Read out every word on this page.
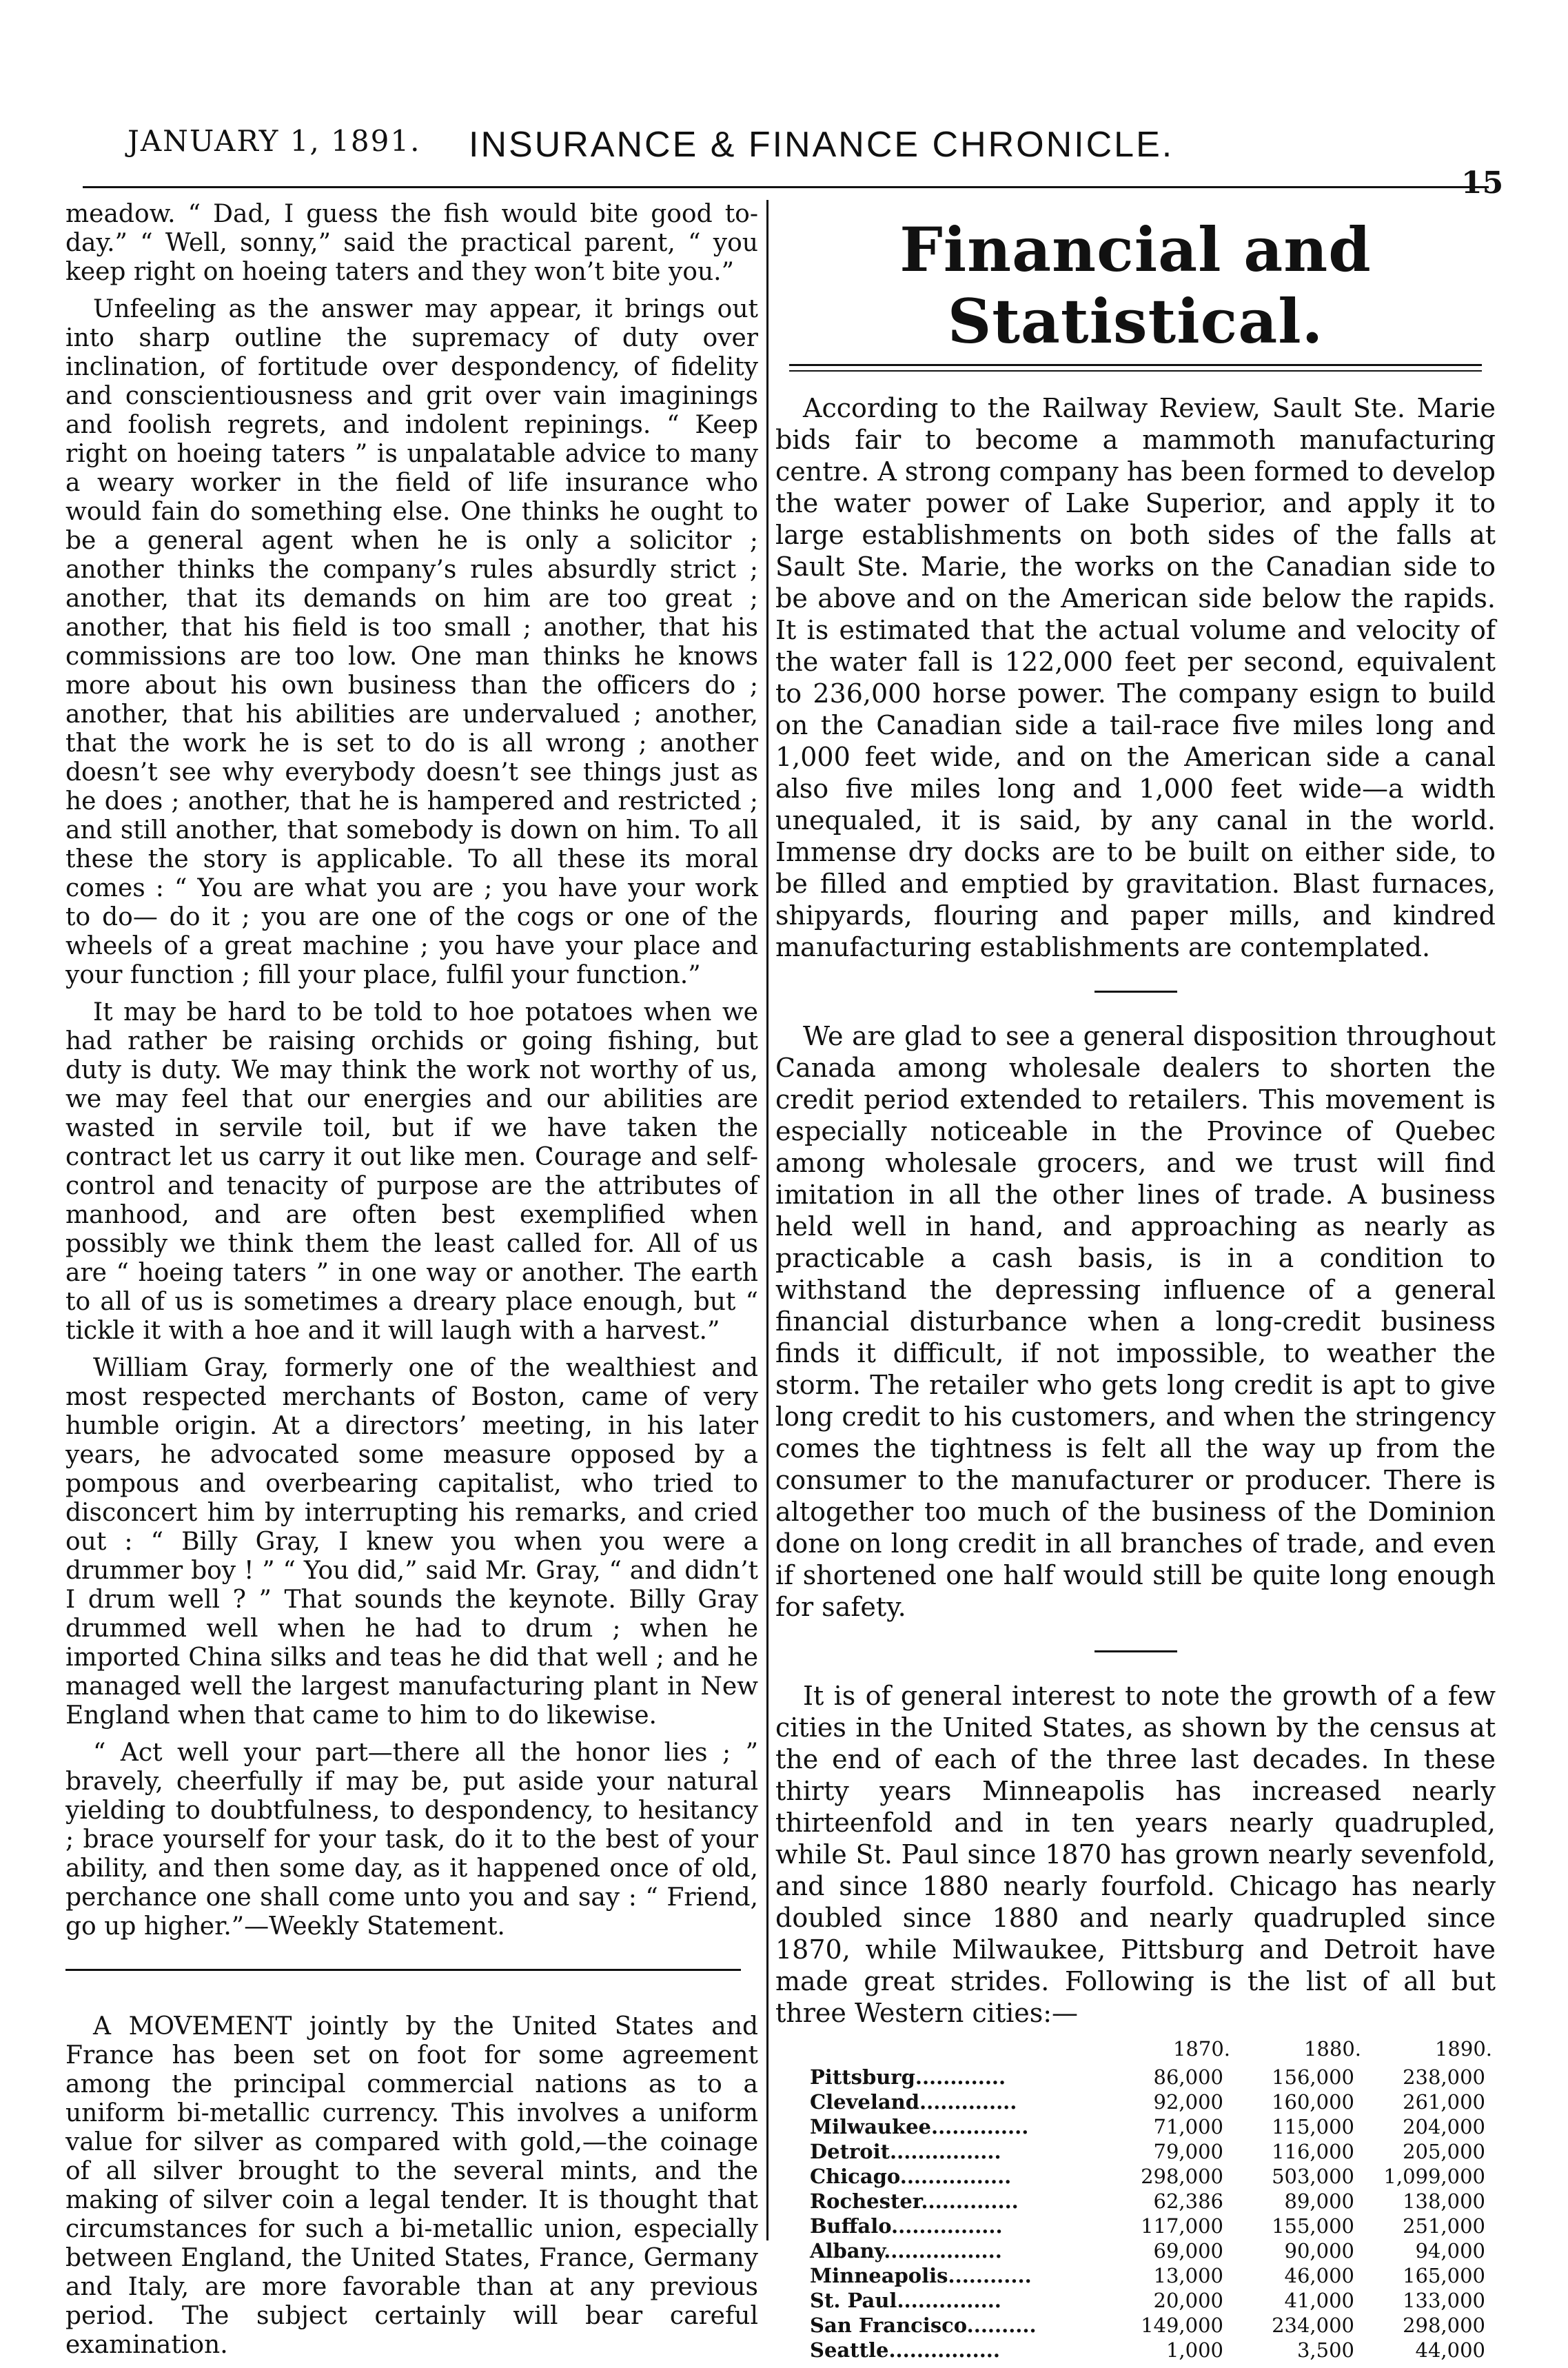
JANUARY 1, 1891. INSURANCE & FINANCE CHRONICLE.
15

meadow. “ Dad, I guess the fish would bite good to-day.” “ Well, sonny,” said the practical parent, “ you keep right on hoeing taters and they won’t bite you.”

Unfeeling as the answer may appear, it brings out into sharp outline the supremacy of duty over inclination, of fortitude over despondency, of fidelity and conscientiousness and grit over vain imaginings and foolish regrets, and indolent repinings. “ Keep right on hoeing taters ” is unpalatable advice to many a weary worker in the field of life insurance who would fain do something else. One thinks he ought to be a general agent when he is only a solicitor ; another thinks the company’s rules absurdly strict ; another, that its demands on him are too great ; another, that his field is too small ; another, that his commissions are too low. One man thinks he knows more about his own business than the officers do ; another, that his abilities are undervalued ; another, that the work he is set to do is all wrong ; another doesn’t see why everybody doesn’t see things just as he does ; another, that he is hampered and restricted ; and still another, that somebody is down on him. To all these the story is applicable. To all these its moral comes : “ You are what you are ; you have your work to do— do it ; you are one of the cogs or one of the wheels of a great machine ; you have your place and your function ; fill your place, fulfil your function.”

It may be hard to be told to hoe potatoes when we had rather be raising orchids or going fishing, but duty is duty. We may think the work not worthy of us, we may feel that our energies and our abilities are wasted in servile toil, but if we have taken the contract let us carry it out like men. Courage and self-control and tenacity of purpose are the attributes of manhood, and are often best exemplified when possibly we think them the least called for. All of us are “ hoeing taters ” in one way or another. The earth to all of us is sometimes a dreary place enough, but “ tickle it with a hoe and it will laugh with a harvest.”

William Gray, formerly one of the wealthiest and most respected merchants of Boston, came of very humble origin. At a directors’ meeting, in his later years, he advocated some measure opposed by a pompous and overbearing capitalist, who tried to disconcert him by interrupting his remarks, and cried out : “ Billy Gray, I knew you when you were a drummer boy ! ” “ You did,” said Mr. Gray, “ and didn’t I drum well ? ” That sounds the keynote. Billy Gray drummed well when he had to drum ; when he imported China silks and teas he did that well ; and he managed well the largest manufacturing plant in New England when that came to him to do likewise.

“ Act well your part—there all the honor lies ; ” bravely, cheerfully if may be, put aside your natural yielding to doubtfulness, to despondency, to hesitancy ; brace yourself for your task, do it to the best of your ability, and then some day, as it happened once of old, perchance one shall come unto you and say : “ Friend, go up higher.”—Weekly Statement.

A MOVEMENT jointly by the United States and France has been set on foot for some agreement among the principal commercial nations as to a uniform bi-metallic currency. This involves a uniform value for silver as compared with gold,—the coinage of all silver brought to the several mints, and the making of silver coin a legal tender. It is thought that circumstances for such a bi-metallic union, especially between England, the United States, France, Germany and Italy, are more favorable than at any previous period. The subject certainly will bear careful examination.

Financial and Statistical.

According to the Railway Review, Sault Ste. Marie bids fair to become a mammoth manufacturing centre. A strong company has been formed to develop the water power of Lake Superior, and apply it to large establishments on both sides of the falls at Sault Ste. Marie, the works on the Canadian side to be above and on the American side below the rapids. It is estimated that the actual volume and velocity of the water fall is 122,000 feet per second, equivalent to 236,000 horse power. The company esign to build on the Canadian side a tail-race five miles long and 1,000 feet wide, and on the American side a canal also five miles long and 1,000 feet wide—a width unequaled, it is said, by any canal in the world. Immense dry docks are to be built on either side, to be filled and emptied by gravitation. Blast furnaces, shipyards, flouring and paper mills, and kindred manufacturing establishments are contemplated.

We are glad to see a general disposition throughout Canada among wholesale dealers to shorten the credit period extended to retailers. This movement is especially noticeable in the Province of Quebec among wholesale grocers, and we trust will find imitation in all the other lines of trade. A business held well in hand, and approaching as nearly as practicable a cash basis, is in a condition to withstand the depressing influence of a general financial disturbance when a long-credit business finds it difficult, if not impossible, to weather the storm. The retailer who gets long credit is apt to give long credit to his customers, and when the stringency comes the tightness is felt all the way up from the consumer to the manufacturer or producer. There is altogether too much of the business of the Dominion done on long credit in all branches of trade, and even if shortened one half would still be quite long enough for safety.

It is of general interest to note the growth of a few cities in the United States, as shown by the census at the end of each of the three last decades. In these thirty years Minneapolis has increased nearly thirteenfold and in ten years nearly quadrupled, while St. Paul since 1870 has grown nearly sevenfold, and since 1880 nearly fourfold. Chicago has nearly doubled since 1880 and nearly quadrupled since 1870, while Milwaukee, Pittsburg and Detroit have made great strides. Following is the list of all but three Western cities:—

	1870.	1880.	1890.
Pittsburg.............	86,000	156,000	238,000
Cleveland..............	92,000	160,000	261,000
Milwaukee..............	71,000	115,000	204,000
Detroit................	79,000	116,000	205,000
Chicago................	298,000	503,000	1,099,000
Rochester..............	62,386	89,000	138,000
Buffalo................	117,000	155,000	251,000
Albany.................	69,000	90,000	94,000
Minneapolis............	13,000	46,000	165,000
St. Paul...............	20,000	41,000	133,000
San Francisco..........	149,000	234,000	298,000
Seattle................	1,000	3,500	44,000
